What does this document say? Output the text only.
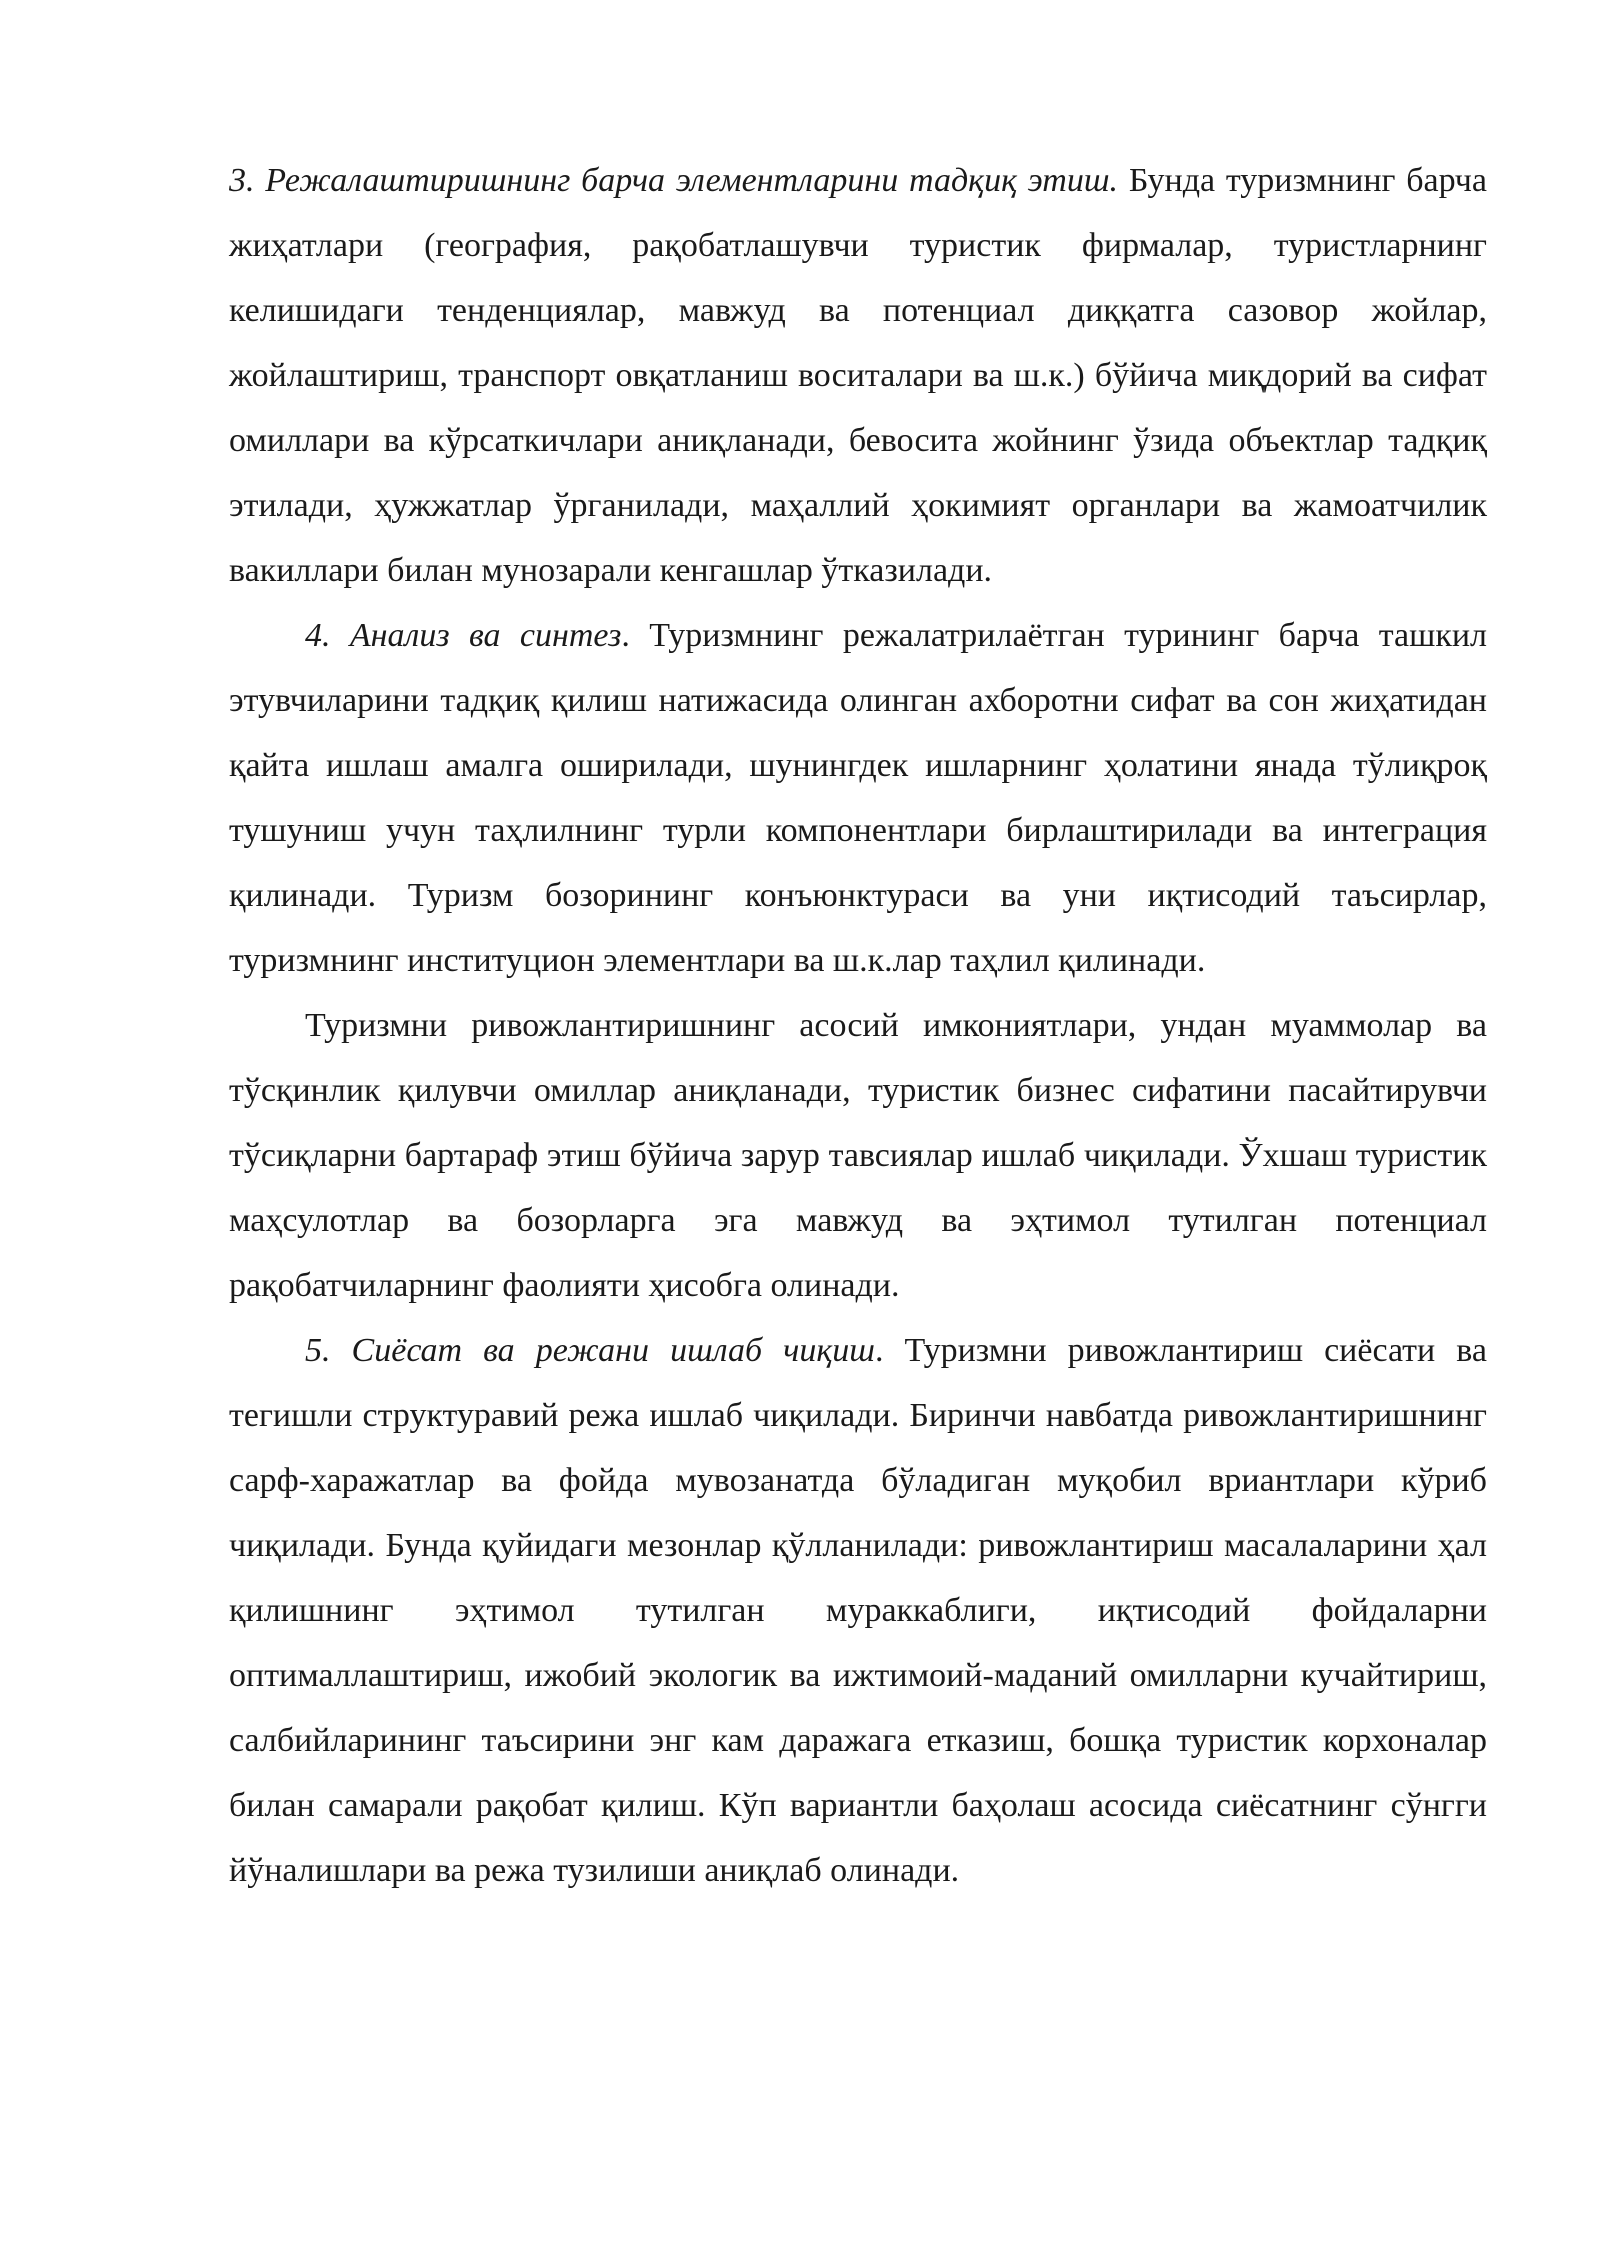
3. Режалаштиришнинг барча элементларини тадқиқ этиш. Бунда туризмнинг барча жиҳатлари (география, рақобатлашувчи туристик фирмалар, туристларнинг келишидаги тенденциялар, мавжуд ва потенциал диққатга сазовор жойлар, жойлаштириш, транспорт овқатланиш воситалари ва ш.к.) бўйича миқдорий ва сифат омиллари ва кўрсаткичлари аниқланади, бевосита жойнинг ўзида объектлар тадқиқ этилади, ҳужжатлар ўрганилади, маҳаллий ҳокимият органлари ва жамоатчилик вакиллари билан мунозарали кенгашлар ўтказилади.

4. Анализ ва синтез. Туризмнинг режалатрилаётган турининг барча ташкил этувчиларини тадқиқ қилиш натижасида олинган ахборотни сифат ва сон жиҳатидан қайта ишлаш амалга оширилади, шунингдек ишларнинг ҳолатини янада тўлиқроқ тушуниш учун таҳлилнинг турли компонентлари бирлаштирилади ва интеграция қилинади. Туризм бозорининг конъюнктураси ва уни иқтисодий таъсирлар, туризмнинг институцион элементлари ва ш.к.лар таҳлил қилинади.

Туризмни ривожлантиришнинг асосий имкониятлари, ундан муаммолар ва тўсқинлик қилувчи омиллар аниқланади, туристик бизнес сифатини пасайтирувчи тўсиқларни бартараф этиш бўйича зарур тавсиялар ишлаб чиқилади. Ўхшаш туристик маҳсулотлар ва бозорларга эга мавжуд ва эҳтимол тутилган потенциал рақобатчиларнинг фаолияти ҳисобга олинади.

5. Сиёсат ва режани ишлаб чиқиш. Туризмни ривожлантириш сиёсати ва тегишли структуравий режа ишлаб чиқилади. Биринчи навбатда ривожлантиришнинг сарф-харажатлар ва фойда мувозанатда бўладиган муқобил вриантлари кўриб чиқилади. Бунда қуйидаги мезонлар қўлланилади: ривожлантириш масалаларини ҳал қилишнинг эҳтимол тутилган мураккаблиги, иқтисодий фойдаларни оптималлаштириш, ижобий экологик ва ижтимоий-маданий омилларни кучайтириш, салбийларининг таъсирини энг кам даражага етказиш, бошқа туристик корхоналар билан самарали рақобат қилиш. Кўп вариантли баҳолаш асосида сиёсатнинг сўнгги йўналишлари ва режа тузилиши аниқлаб олинади.
